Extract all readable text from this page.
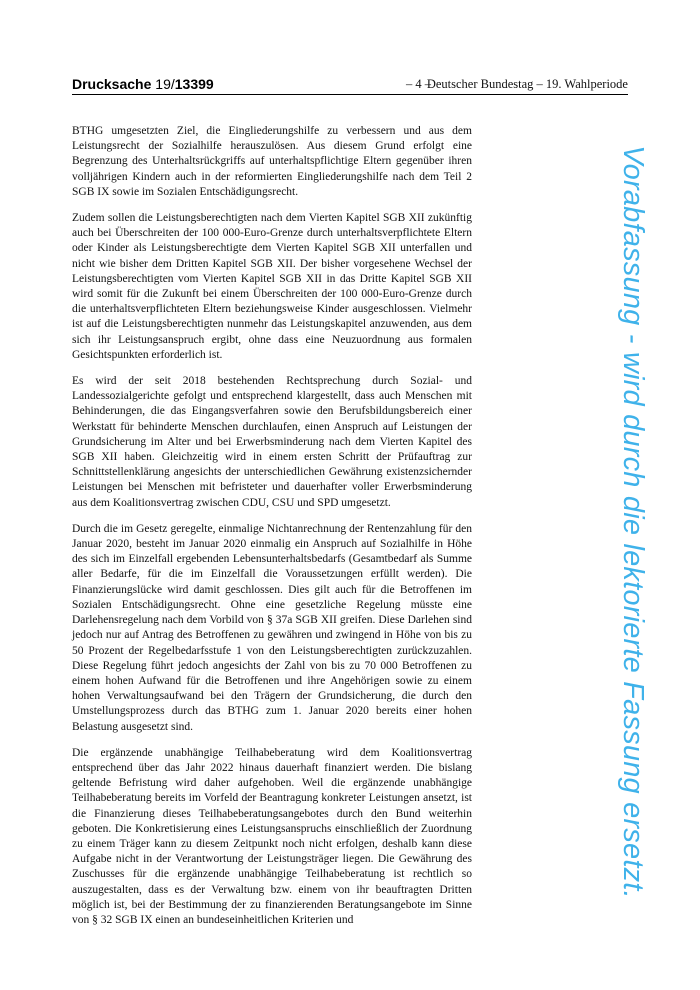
Drucksache 19/13399	– 4 –
Deutscher Bundestag – 19. Wahlperiode

BTHG umgesetzten Ziel, die Eingliederungshilfe zu verbessern und aus dem Leistungsrecht der Sozialhilfe herauszulösen. Aus diesem Grund erfolgt eine Begrenzung des Unterhaltsrückgriffs auf unterhaltspflichtige Eltern gegenüber ihren volljährigen Kindern auch in der reformierten Eingliederungshilfe nach dem Teil 2 SGB IX sowie im Sozialen Entschädigungsrecht.

Zudem sollen die Leistungsberechtigten nach dem Vierten Kapitel SGB XII zukünftig auch bei Überschreiten der 100 000-Euro-Grenze durch unterhaltsverpflichtete Eltern oder Kinder als Leistungsberechtigte dem Vierten Kapitel SGB XII unterfallen und nicht wie bisher dem Dritten Kapitel SGB XII. Der bisher vorgesehene Wechsel der Leistungsberechtigten vom Vierten Kapitel SGB XII in das Dritte Kapitel SGB XII wird somit für die Zukunft bei einem Überschreiten der 100 000-Euro-Grenze durch die unterhaltsverpflichteten Eltern beziehungsweise Kinder ausgeschlossen. Vielmehr ist auf die Leistungsberechtigten nunmehr das Leistungskapitel anzuwenden, aus dem sich ihr Leistungsanspruch ergibt, ohne dass eine Neuzuordnung aus formalen Gesichtspunkten erforderlich ist.

Es wird der seit 2018 bestehenden Rechtsprechung durch Sozial- und Landessozialgerichte gefolgt und entsprechend klargestellt, dass auch Menschen mit Behinderungen, die das Eingangsverfahren sowie den Berufsbildungsbereich einer Werkstatt für behinderte Menschen durchlaufen, einen Anspruch auf Leistungen der Grundsicherung im Alter und bei Erwerbsminderung nach dem Vierten Kapitel des SGB XII haben. Gleichzeitig wird in einem ersten Schritt der Prüfauftrag zur Schnittstellenklärung angesichts der unterschiedlichen Gewährung existenzsichernder Leistungen bei Menschen mit befristeter und dauerhafter voller Erwerbsminderung aus dem Koalitionsvertrag zwischen CDU, CSU und SPD umgesetzt.

Durch die im Gesetz geregelte, einmalige Nichtanrechnung der Rentenzahlung für den Januar 2020, besteht im Januar 2020 einmalig ein Anspruch auf Sozialhilfe in Höhe des sich im Einzelfall ergebenden Lebensunterhaltsbedarfs (Gesamtbedarf als Summe aller Bedarfe, für die im Einzelfall die Voraussetzungen erfüllt werden). Die Finanzierungslücke wird damit geschlossen. Dies gilt auch für die Betroffenen im Sozialen Entschädigungsrecht. Ohne eine gesetzliche Regelung müsste eine Darlehensregelung nach dem Vorbild von § 37a SGB XII greifen. Diese Darlehen sind jedoch nur auf Antrag des Betroffenen zu gewähren und zwingend in Höhe von bis zu 50 Prozent der Regelbedarfsstufe 1 von den Leistungsberechtigten zurückzuzahlen. Diese Regelung führt jedoch angesichts der Zahl von bis zu 70 000 Betroffenen zu einem hohen Aufwand für die Betroffenen und ihre Angehörigen sowie zu einem hohen Verwaltungsaufwand bei den Trägern der Grundsicherung, die durch den Umstellungsprozess durch das BTHG zum 1. Januar 2020 bereits einer hohen Belastung ausgesetzt sind.

Die ergänzende unabhängige Teilhabeberatung wird dem Koalitionsvertrag entsprechend über das Jahr 2022 hinaus dauerhaft finanziert werden. Die bislang geltende Befristung wird daher aufgehoben. Weil die ergänzende unabhängige Teilhabeberatung bereits im Vorfeld der Beantragung konkreter Leistungen ansetzt, ist die Finanzierung dieses Teilhabeberatungsangebotes durch den Bund weiterhin geboten. Die Konkretisierung eines Leistungsanspruchs einschließlich der Zuordnung zu einem Träger kann zu diesem Zeitpunkt noch nicht erfolgen, deshalb kann diese Aufgabe nicht in der Verantwortung der Leistungsträger liegen. Die Gewährung des Zuschusses für die ergänzende unabhängige Teilhabeberatung ist rechtlich so auszugestalten, dass es der Verwaltung bzw. einem von ihr beauftragten Dritten möglich ist, bei der Bestimmung der zu finanzierenden Beratungsangebote im Sinne von § 32 SGB IX einen an bundeseinheitlichen Kriterien und

Vorabfassung - wird durch die lektorierte Fassung ersetzt.
